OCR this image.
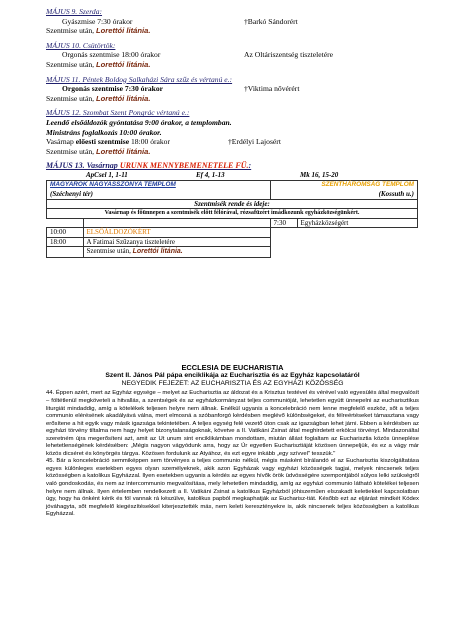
MÁJUS 9. Szerda:
Gyászmise 7:30 órakor	†Barkó Sándorért
Szentmise után,
Lorettói litánia.
MÁJUS 10. Csütörtök:
Orgonás szentmise 18:00 órakor	Az Oltáriszentség tiszteletére
Szentmise után,
Lorettói litánia.
MÁJUS 11. Péntek Boldog Salkaházi Sára szűz és vértanú e.:
Orgonás szentmise 7:30 órakor	†Viktima nővérért
Szentmise után,
Lorettói litánia.
MÁJUS 12. Szombat Szent Pongrác vértanú e.:
Leendő elsőáldozók gyóntatása 9:00 órakor, a templomban.
Ministráns foglalkozás 10:00 órakor.
Vasárnap előesti szentmise 18:00 órakor	†Erdélyi Lajosért
Szentmise után,
Lorettói litánia.
MÁJUS 13. Vasárnap URUNK MENNYBEMENETELE FÜ.:
ApCsel 1, 1-11	Ef 4, 1-13	Mk 16, 15-20
MAGYAROK NAGYASSZONYA TEMPLOM		SZENTHÁROMSÁG TEMPLOM	
(Széchenyi tér)		(Kossuth u.)	
Szentmisék rende és ideje:			
Vasárnap és főünnepen a szentmisék előtt félórával, rózsafüzért imádkozunk egyházközségünkért.			
		7:30	Egyházközségért
10:00	ELSŐÁLDOZÓKÉRT		
18:00	A Fatimai Szűzanya tiszteletére		
	Szentmise után, Lorettói litánia.		
ECCLESIA DE EUCHARISTIA
Szent II. János Pál pápa enciklikája az Eucharisztia és az Egyház kapcsolatáról
NEGYEDIK FEJEZET: AZ EUCHARISZTIA ÉS AZ EGYHÁZI KÖZÖSSÉG

44. Éppen azért, mert az Egyház egysége – melyet az Eucharisztia az áldozat és a Krisztus testével és vérével való egyesülés által megvalósít – föltétlenül megköveteli a hitvallás, a szentségek és az egyházkormányzat teljes communióját, lehetetlen együtt ünnepelni az eucharisztikus liturgiát mindaddig, amíg a kötelékek teljesen helyre nem állnak. Enélkül ugyanis a koncelebráció nem lenne megfelelő eszköz, sőt a teljes communio elérésének akadályává válna, mert elmosná a szóbanforgó kérdésben meglévő különbségeket, és félreértéseket támasztana vagy erősítene a hit egyik vagy másik igazsága tekintetében. A teljes egység felé vezető úton csak az igazságban lehet járni. Ebben a kérdésben az egyházi törvény tiltalma nem hagy helyet bizonytalanságoknak, követve a II. Vatikáni Zsinat által meghirdetett erkölcsi törvényt. Mindazonáltal szeretném újra megerősíteni azt, amit az Ut unum sint enciklikámban mondottam, miután állást foglaltam az Eucharisztia közös ünneplése lehetetlenségének kérdésében: „Mégis nagyon vágyódunk arra, hogy az Úr egyetlen Eucharisztiáját közösen ünnepeljük, és ez a vágy már közös dicséret és könyörgés tárgya. Közösen fordulunk az Atyához, és ezt egyre inkább „egy szívvel" tesszük."

45. Bár a koncelebráció semmiképpen sem törvényes a teljes communio nélkül, mégis másként bírálandó el az Eucharisztia kiszolgáltatása egyes különleges esetekben egyes olyan személyeknek, akik azon Egyházak vagy egyházi közösségek tagjai, melyek nincsenek teljes közösségben a katolikus Egyházzal. Ilyen esetekben ugyanis a kérdés az egyes hívők örök üdvösségére szempontjából súlyos lelki szükségről való gondoskodás, és nem az intercommunio megvalósítása, mely lehetetlen mindaddig, amíg az egyházi communio látható kötelékei teljesen helyre nem állnak. Ilyen értelemben rendelkezett a II. Vatikáni Zsinat a katolikus Egyházból jóhiszeműen elszakadt keletiekkel kapcsolatban úgy, hogy ha önként kérik és föl vannak rá készülve, katolikus papból megkaphatják az Eucharisz-tiát. Később ezt az eljárást mindkét Kódex jóváhagyta, sőt megfelelő kiegészítésekkel kiterjesztették más, nem keleti keresztényekre is, akik nincsenek teljes közösségben a katolikus Egyházzal.
